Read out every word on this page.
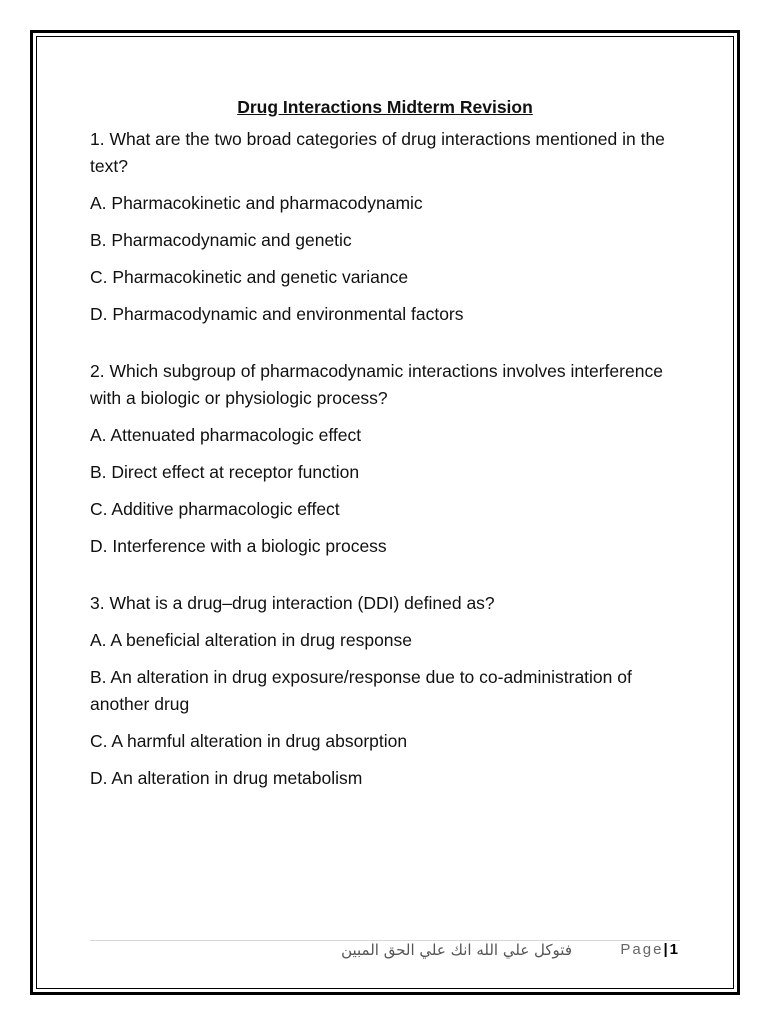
Drug Interactions Midterm Revision
1. What are the two broad categories of drug interactions mentioned in the text?
A. Pharmacokinetic and pharmacodynamic
B. Pharmacodynamic and genetic
C. Pharmacokinetic and genetic variance
D. Pharmacodynamic and environmental factors
2. Which subgroup of pharmacodynamic interactions involves interference with a biologic or physiologic process?
A. Attenuated pharmacologic effect
B. Direct effect at receptor function
C. Additive pharmacologic effect
D. Interference with a biologic process
3. What is a drug–drug interaction (DDI) defined as?
A. A beneficial alteration in drug response
B. An alteration in drug exposure/response due to co-administration of another drug
C. A harmful alteration in drug absorption
D. An alteration in drug metabolism
فتوكل علي الله انك علي الحق المبين	Page|1
